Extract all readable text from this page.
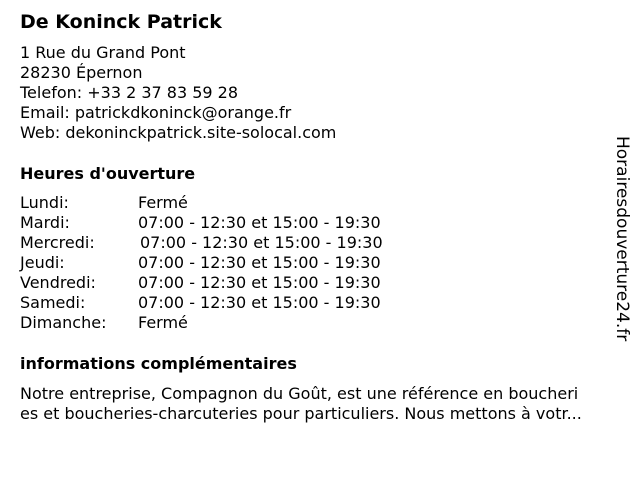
De Koninck Patrick
1 Rue du Grand Pont
28230 Épernon
Telefon: +33 2 37 83 59 28
Email: patrickdkoninck@orange.fr
Web: dekoninckpatrick.site-solocal.com
Heures d'ouverture
Lundi:	Fermé
Mardi:	07:00 - 12:30 et 15:00 - 19:30
Mercredi:	07:00 - 12:30 et 15:00 - 19:30
Jeudi:	07:00 - 12:30 et 15:00 - 19:30
Vendredi:	07:00 - 12:30 et 15:00 - 19:30
Samedi:	07:00 - 12:30 et 15:00 - 19:30
Dimanche: Fermé
informations complémentaires
Notre entreprise, Compagnon du Goût, est une référence en boucheri
es et boucheries-charcuteries pour particuliers. Nous mettons à votr...
Horairesdouverture24.fr
